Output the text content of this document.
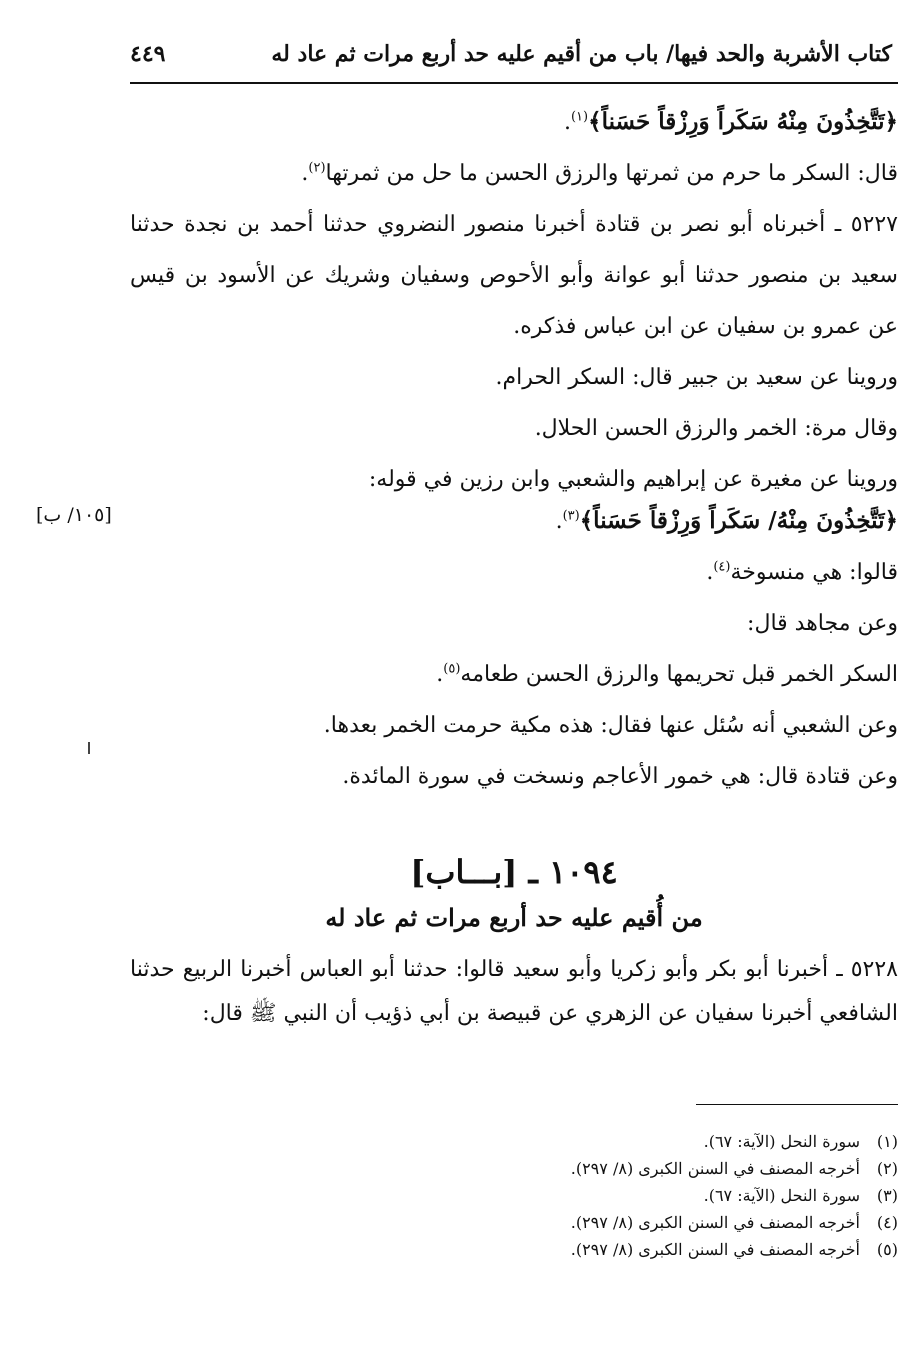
كتاب الأشربة والحد فيها/ باب من أقيم عليه حد أربع مرات ثم عاد له
٤٤٩

﴿تَتَّخِذُونَ مِنْهُ سَكَراً وَرِزْقاً حَسَناً﴾$^{(١)}$.

قال: السكر ما حرم من ثمرتها والرزق الحسن ما حل من ثمرتها$^{(٢)}$.

٥٢٢٧ ـ أخبرناه أبو نصر بن قتادة أخبرنا منصور النضروي حدثنا أحمد بن نجدة حدثنا سعيد بن منصور حدثنا أبو عوانة وأبو الأحوص وسفيان وشريك عن الأسود بن قيس عن عمرو بن سفيان عن ابن عباس فذكره.

وروينا عن سعيد بن جبير قال: السكر الحرام.

وقال مرة: الخمر والرزق الحسن الحلال.

وروينا عن مغيرة عن إبراهيم والشعبي وابن رزين في قوله:

﴿تَتَّخِذُونَ مِنْهُ/ سَكَراً وَرِزْقاً حَسَناً﴾$^{(٣)}$.

قالوا: هي منسوخة$^{(٤)}$.

وعن مجاهد قال:

السكر الخمر قبل تحريمها والرزق الحسن طعامه$^{(٥)}$.

وعن الشعبي أنه سُئل عنها فقال: هذه مكية حرمت الخمر بعدها.

وعن قتادة قال: هي خمور الأعاجم ونسخت في سورة المائدة.

[١٠٥/ ب]
١٠٩٤ ـ [بـــاب]
من أُقيم عليه حد أربع مرات ثم عاد له

٥٢٢٨ ـ أخبرنا أبو بكر وأبو زكريا وأبو سعيد قالوا: حدثنا أبو العباس أخبرنا الربيع حدثنا الشافعي أخبرنا سفيان عن الزهري عن قبيصة بن أبي ذؤيب أن النبي ﷺ قال:

(١)
سورة النحل (الآية: ٦٧).
(٢)
أخرجه المصنف في السنن الكبرى (٨/ ٢٩٧).
(٣)
سورة النحل (الآية: ٦٧).
(٤)
أخرجه المصنف في السنن الكبرى (٨/ ٢٩٧).
(٥)
أخرجه المصنف في السنن الكبرى (٨/ ٢٩٧).
